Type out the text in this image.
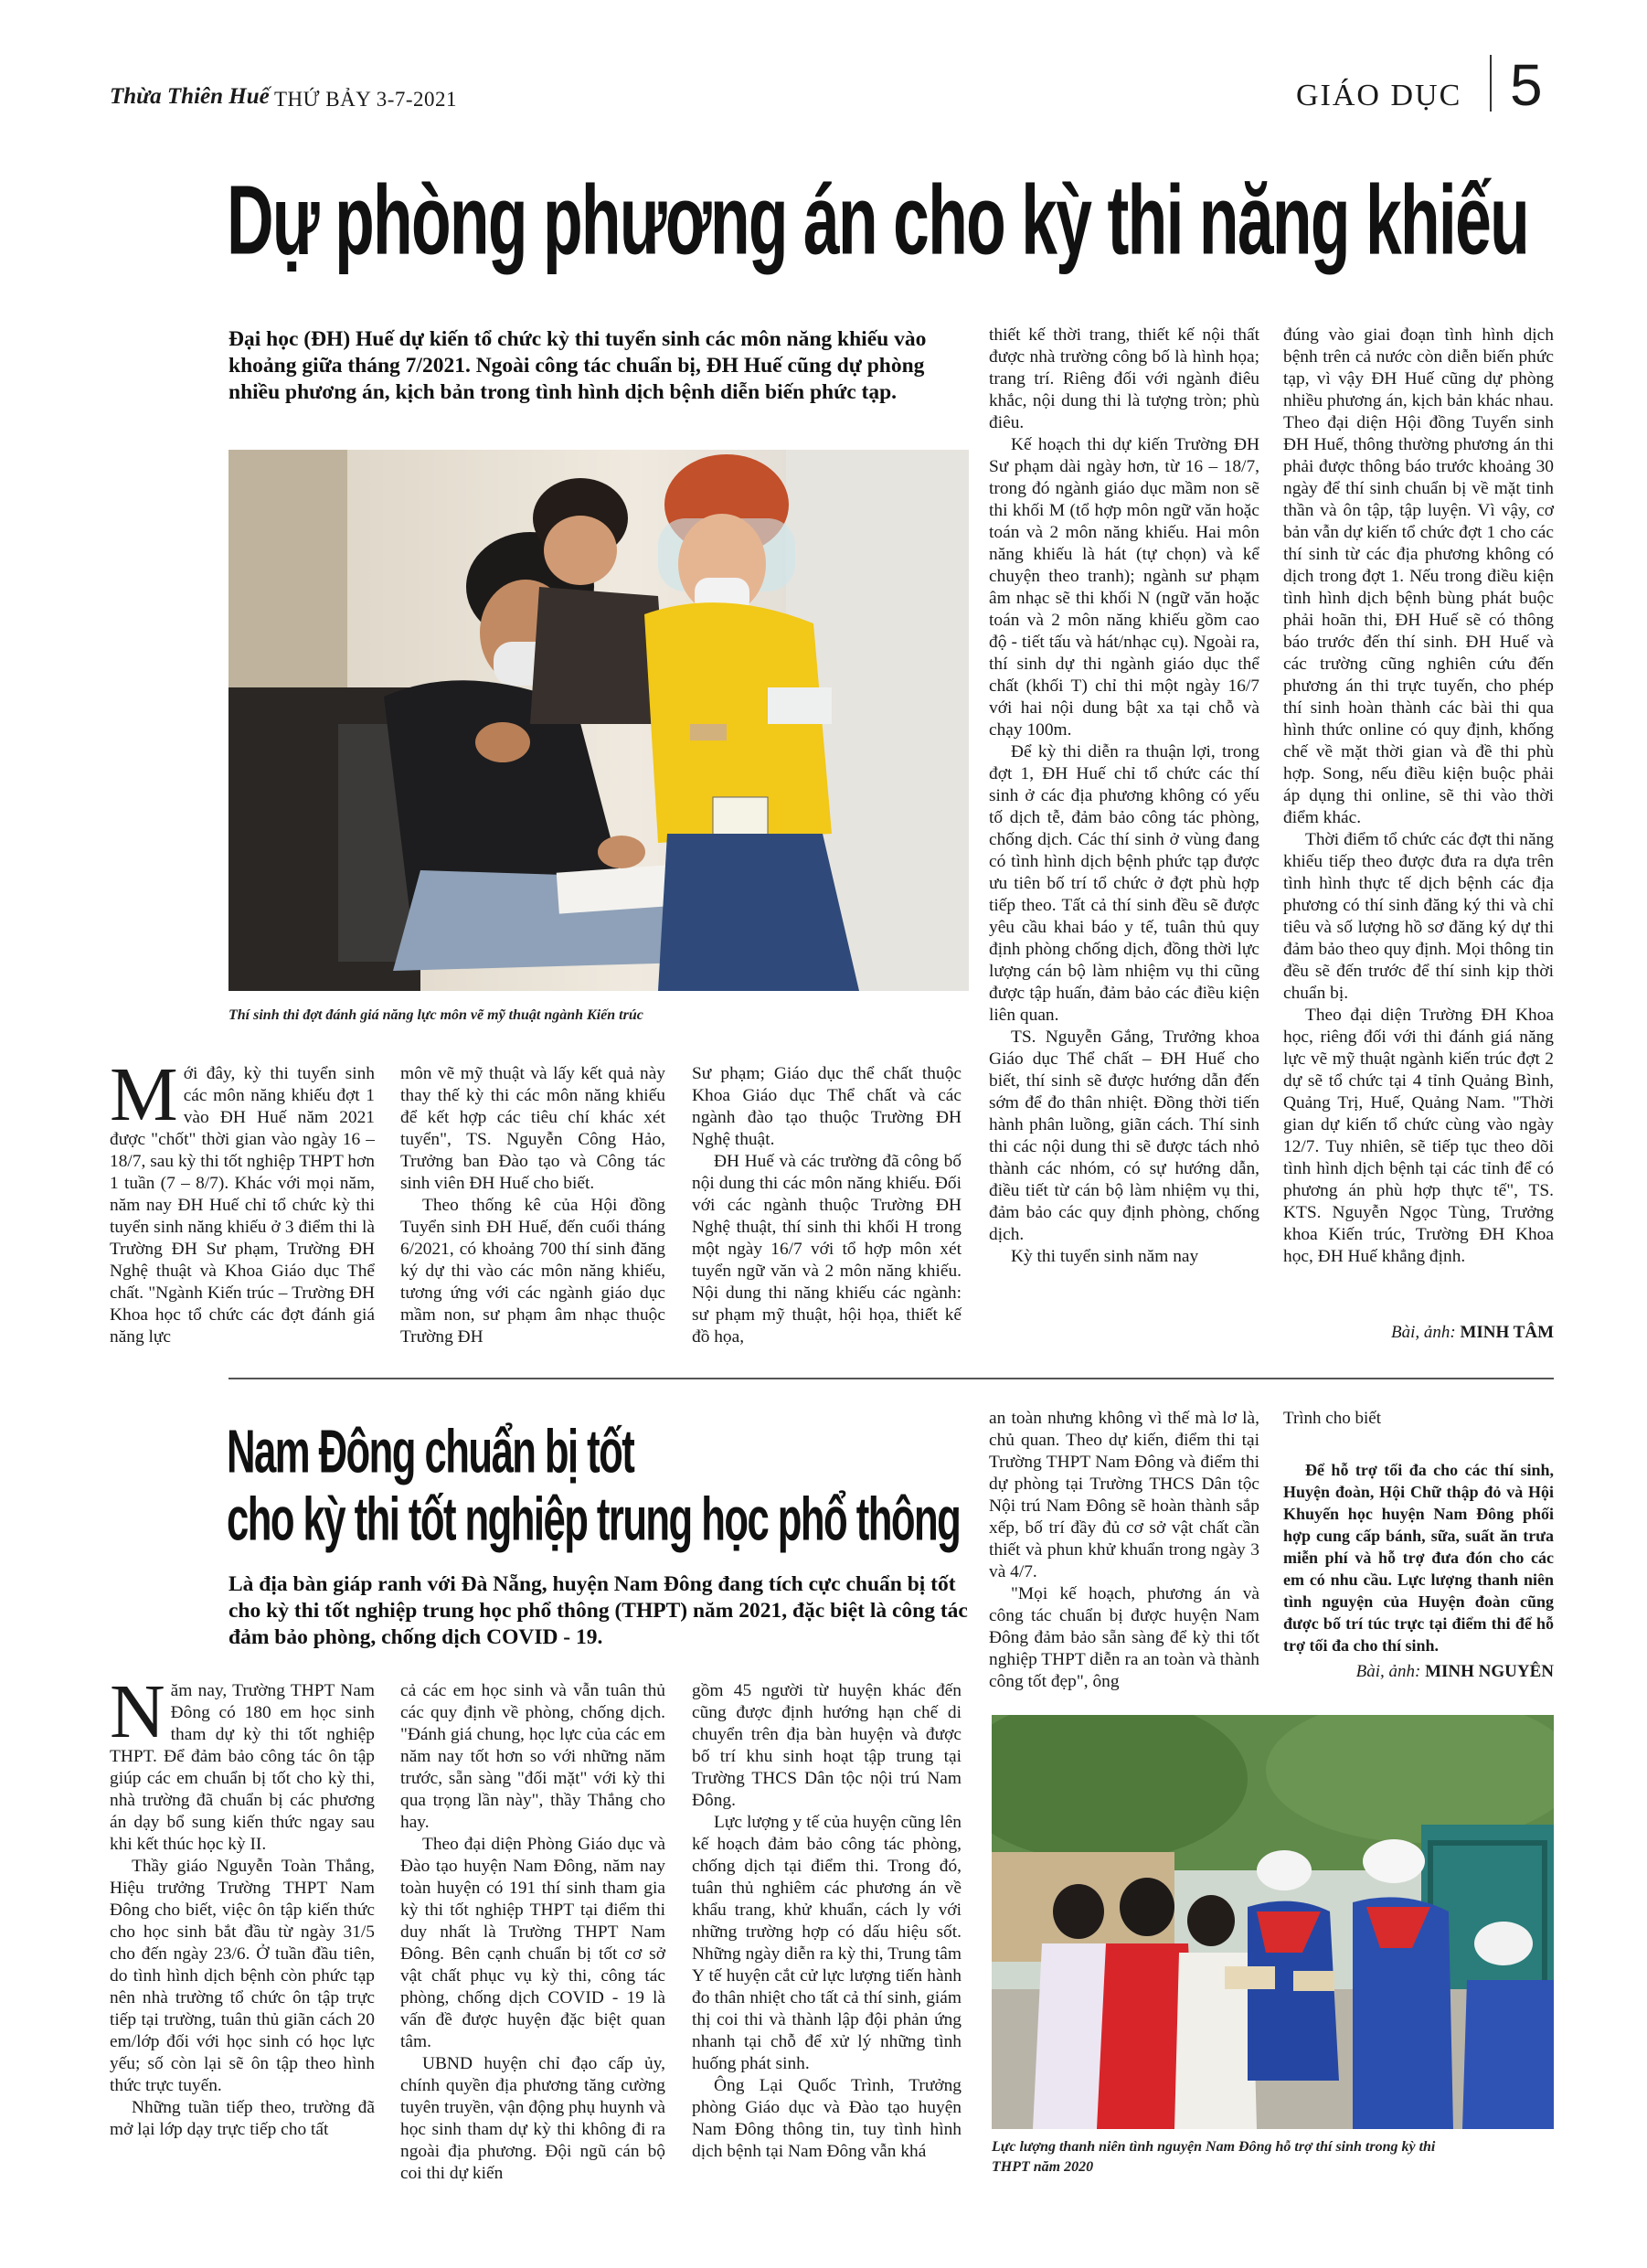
Thừa Thiên Huế THỨ BẢY 3-7-2021	GIÁO DỤC 5
Dự phòng phương án cho kỳ thi năng khiếu
Đại học (ĐH) Huế dự kiến tổ chức kỳ thi tuyển sinh các môn năng khiếu vào khoảng giữa tháng 7/2021. Ngoài công tác chuẩn bị, ĐH Huế cũng dự phòng nhiều phương án, kịch bản trong tình hình dịch bệnh diễn biến phức tạp.
Thí sinh thi đợt đánh giá năng lực môn vẽ mỹ thuật ngành Kiến trúc

Mới đây, kỳ thi tuyển sinh các môn năng khiếu đợt 1 vào ĐH Huế năm 2021 được "chốt" thời gian vào ngày 16 – 18/7, sau kỳ thi tốt nghiệp THPT hơn 1 tuần (7 – 8/7). Khác với mọi năm, năm nay ĐH Huế chỉ tổ chức kỳ thi tuyển sinh năng khiếu ở 3 điểm thi là Trường ĐH Sư phạm, Trường ĐH Nghệ thuật và Khoa Giáo dục Thể chất. "Ngành Kiến trúc – Trường ĐH Khoa học tổ chức các đợt đánh giá năng lực

môn vẽ mỹ thuật và lấy kết quả này thay thế kỳ thi các môn năng khiếu để kết hợp các tiêu chí khác xét tuyển", TS. Nguyễn Công Hảo, Trưởng ban Đào tạo và Công tác sinh viên ĐH Huế cho biết.

Theo thống kê của Hội đồng Tuyển sinh ĐH Huế, đến cuối tháng 6/2021, có khoảng 700 thí sinh đăng ký dự thi vào các môn năng khiếu, tương ứng với các ngành giáo dục mầm non, sư phạm âm nhạc thuộc Trường ĐH

Sư phạm; Giáo dục thể chất thuộc Khoa Giáo dục Thể chất và các ngành đào tạo thuộc Trường ĐH Nghệ thuật.

ĐH Huế và các trường đã công bố nội dung thi các môn năng khiếu. Đối với các ngành thuộc Trường ĐH Nghệ thuật, thí sinh thi khối H trong một ngày 16/7 với tổ hợp môn xét tuyển ngữ văn và 2 môn năng khiếu. Nội dung thi năng khiếu các ngành: sư phạm mỹ thuật, hội họa, thiết kế đồ họa,

thiết kế thời trang, thiết kế nội thất được nhà trường công bố là hình họa; trang trí. Riêng đối với ngành điêu khắc, nội dung thi là tượng tròn; phù điêu.

Kế hoạch thi dự kiến Trường ĐH Sư phạm dài ngày hơn, từ 16 – 18/7, trong đó ngành giáo dục mầm non sẽ thi khối M (tổ hợp môn ngữ văn hoặc toán và 2 môn năng khiếu. Hai môn năng khiếu là hát (tự chọn) và kể chuyện theo tranh); ngành sư phạm âm nhạc sẽ thi khối N (ngữ văn hoặc toán và 2 môn năng khiếu gồm cao độ - tiết tấu và hát/nhạc cụ). Ngoài ra, thí sinh dự thi ngành giáo dục thể chất (khối T) chỉ thi một ngày 16/7 với hai nội dung bật xa tại chỗ và chạy 100m.

Để kỳ thi diễn ra thuận lợi, trong đợt 1, ĐH Huế chỉ tổ chức các thí sinh ở các địa phương không có yếu tố dịch tễ, đảm bảo công tác phòng, chống dịch. Các thí sinh ở vùng đang có tình hình dịch bệnh phức tạp được ưu tiên bố trí tổ chức ở đợt phù hợp tiếp theo. Tất cả thí sinh đều sẽ được yêu cầu khai báo y tế, tuân thủ quy định phòng chống dịch, đồng thời lực lượng cán bộ làm nhiệm vụ thi cũng được tập huấn, đảm bảo các điều kiện liên quan.

TS. Nguyễn Gắng, Trưởng khoa Giáo dục Thể chất – ĐH Huế cho biết, thí sinh sẽ được hướng dẫn đến sớm để đo thân nhiệt. Đồng thời tiến hành phân luồng, giãn cách. Thí sinh thi các nội dung thi sẽ được tách nhỏ thành các nhóm, có sự hướng dẫn, điều tiết từ cán bộ làm nhiệm vụ thi, đảm bảo các quy định phòng, chống dịch.

Kỳ thi tuyển sinh năm nay

đúng vào giai đoạn tình hình dịch bệnh trên cả nước còn diễn biến phức tạp, vì vậy ĐH Huế cũng dự phòng nhiều phương án, kịch bản khác nhau. Theo đại diện Hội đồng Tuyển sinh ĐH Huế, thông thường phương án thi phải được thông báo trước khoảng 30 ngày để thí sinh chuẩn bị về mặt tinh thần và ôn tập, tập luyện. Vì vậy, cơ bản vẫn dự kiến tổ chức đợt 1 cho các thí sinh từ các địa phương không có dịch trong đợt 1. Nếu trong điều kiện tình hình dịch bệnh bùng phát buộc phải hoãn thi, ĐH Huế sẽ có thông báo trước đến thí sinh. ĐH Huế và các trường cũng nghiên cứu đến phương án thi trực tuyến, cho phép thí sinh hoàn thành các bài thi qua hình thức online có quy định, khống chế về mặt thời gian và đề thi phù hợp. Song, nếu điều kiện buộc phải áp dụng thi online, sẽ thi vào thời điểm khác.

Thời điểm tổ chức các đợt thi năng khiếu tiếp theo được đưa ra dựa trên tình hình thực tế dịch bệnh các địa phương có thí sinh đăng ký thi và chỉ tiêu và số lượng hồ sơ đăng ký dự thi đảm bảo theo quy định. Mọi thông tin đều sẽ đến trước để thí sinh kịp thời chuẩn bị.

Theo đại diện Trường ĐH Khoa học, riêng đối với thi đánh giá năng lực vẽ mỹ thuật ngành kiến trúc đợt 2 dự sẽ tổ chức tại 4 tỉnh Quảng Bình, Quảng Trị, Huế, Quảng Nam. "Thời gian dự kiến tổ chức cùng vào ngày 12/7. Tuy nhiên, sẽ tiếp tục theo dõi tình hình dịch bệnh tại các tỉnh để có phương án phù hợp thực tế", TS. KTS. Nguyễn Ngọc Tùng, Trưởng khoa Kiến trúc, Trường ĐH Khoa học, ĐH Huế khẳng định.

Bài, ảnh: MINH TÂM
Nam Đông chuẩn bị tốt
cho kỳ thi tốt nghiệp trung học phổ thông
Là địa bàn giáp ranh với Đà Nẵng, huyện Nam Đông đang tích cực chuẩn bị tốt cho kỳ thi tốt nghiệp trung học phổ thông (THPT) năm 2021, đặc biệt là công tác đảm bảo phòng, chống dịch COVID - 19.

Năm nay, Trường THPT Nam Đông có 180 em học sinh tham dự kỳ thi tốt nghiệp THPT. Để đảm bảo công tác ôn tập giúp các em chuẩn bị tốt cho kỳ thi, nhà trường đã chuẩn bị các phương án dạy bổ sung kiến thức ngay sau khi kết thúc học kỳ II.

Thầy giáo Nguyễn Toàn Thắng, Hiệu trưởng Trường THPT Nam Đông cho biết, việc ôn tập kiến thức cho học sinh bắt đầu từ ngày 31/5 cho đến ngày 23/6. Ở tuần đầu tiên, do tình hình dịch bệnh còn phức tạp nên nhà trường tổ chức ôn tập trực tiếp tại trường, tuân thủ giãn cách 20 em/lớp đối với học sinh có học lực yếu; số còn lại sẽ ôn tập theo hình thức trực tuyến.

Những tuần tiếp theo, trường đã mở lại lớp dạy trực tiếp cho tất

cả các em học sinh và vẫn tuân thủ các quy định về phòng, chống dịch. "Đánh giá chung, học lực của các em năm nay tốt hơn so với những năm trước, sẵn sàng "đối mặt" với kỳ thi qua trọng lần này", thầy Thắng cho hay.

Theo đại diện Phòng Giáo dục và Đào tạo huyện Nam Đông, năm nay toàn huyện có 191 thí sinh tham gia kỳ thi tốt nghiệp THPT tại điểm thi duy nhất là Trường THPT Nam Đông. Bên cạnh chuẩn bị tốt cơ sở vật chất phục vụ kỳ thi, công tác phòng, chống dịch COVID - 19 là vấn đề được huyện đặc biệt quan tâm.

UBND huyện chỉ đạo cấp ủy, chính quyền địa phương tăng cường tuyên truyền, vận động phụ huynh và học sinh tham dự kỳ thi không đi ra ngoài địa phương. Đội ngũ cán bộ coi thi dự kiến

gồm 45 người từ huyện khác đến cũng được định hướng hạn chế di chuyển trên địa bàn huyện và được bố trí khu sinh hoạt tập trung tại Trường THCS Dân tộc nội trú Nam Đông.

Lực lượng y tế của huyện cũng lên kế hoạch đảm bảo công tác phòng, chống dịch tại điểm thi. Trong đó, tuân thủ nghiêm các phương án về khẩu trang, khử khuẩn, cách ly với những trường hợp có dấu hiệu sốt. Những ngày diễn ra kỳ thi, Trung tâm Y tế huyện cắt cử lực lượng tiến hành đo thân nhiệt cho tất cả thí sinh, giám thị coi thi và thành lập đội phản ứng nhanh tại chỗ để xử lý những tình huống phát sinh.

Ông Lại Quốc Trình, Trưởng phòng Giáo dục và Đào tạo huyện Nam Đông thông tin, tuy tình hình dịch bệnh tại Nam Đông vẫn khá

an toàn nhưng không vì thế mà lơ là, chủ quan. Theo dự kiến, điểm thi tại Trường THPT Nam Đông và điểm thi dự phòng tại Trường THCS Dân tộc Nội trú Nam Đông sẽ hoàn thành sắp xếp, bố trí đầy đủ cơ sở vật chất cần thiết và phun khử khuẩn trong ngày 3 và 4/7.

"Mọi kế hoạch, phương án và công tác chuẩn bị được huyện Nam Đông đảm bảo sẵn sàng để kỳ thi tốt nghiệp THPT diễn ra an toàn và thành công tốt đẹp", ông

Trình cho biết
Để hỗ trợ tối đa cho các thí sinh, Huyện đoàn, Hội Chữ thập đỏ và Hội Khuyến học huyện Nam Đông phối hợp cung cấp bánh, sữa, suất ăn trưa miễn phí và hỗ trợ đưa đón cho các em có nhu cầu. Lực lượng thanh niên tình nguyện của Huyện đoàn cũng được bố trí túc trực tại điểm thi để hỗ trợ tối đa cho thí sinh.
Bài, ảnh: MINH NGUYÊN
Lực lượng thanh niên tình nguyện Nam Đông hỗ trợ thí sinh trong kỳ thi THPT năm 2020
